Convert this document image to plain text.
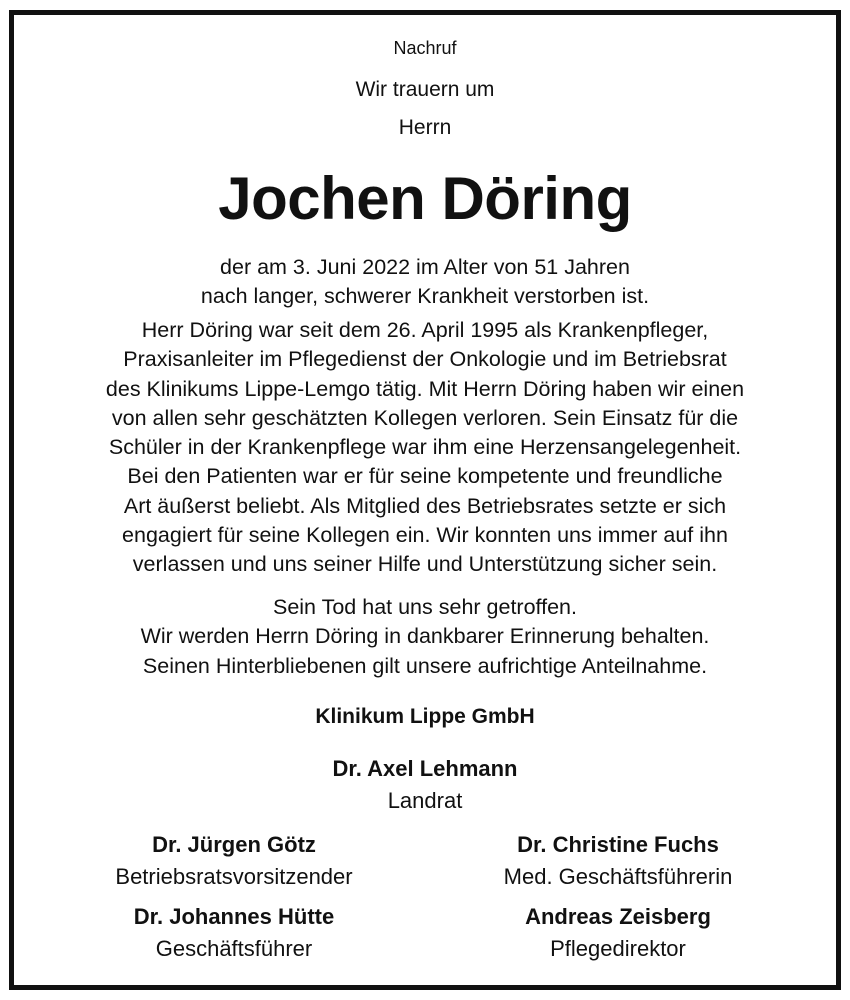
Nachruf
Wir trauern um
Herrn
Jochen Döring
der am 3. Juni 2022 im Alter von 51 Jahren
nach langer, schwerer Krankheit verstorben ist.
Herr Döring war seit dem 26. April 1995 als Krankenpfleger,
Praxisanleiter im Pflegedienst der Onkologie und im Betriebsrat
des Klinikums Lippe-Lemgo tätig. Mit Herrn Döring haben wir einen
von allen sehr geschätzten Kollegen verloren. Sein Einsatz für die
Schüler in der Krankenpflege war ihm eine Herzensangelegenheit.
Bei den Patienten war er für seine kompetente und freundliche
Art äußerst beliebt. Als Mitglied des Betriebsrates setzte er sich
engagiert für seine Kollegen ein. Wir konnten uns immer auf ihn
verlassen und uns seiner Hilfe und Unterstützung sicher sein.
Sein Tod hat uns sehr getroffen.
Wir werden Herrn Döring in dankbarer Erinnerung behalten.
Seinen Hinterbliebenen gilt unsere aufrichtige Anteilnahme.
Klinikum Lippe GmbH
Dr. Axel Lehmann
Landrat
Dr. Jürgen Götz
Betriebsratsvorsitzender
Dr. Christine Fuchs
Med. Geschäftsführerin
Dr. Johannes Hütte
Geschäftsführer
Andreas Zeisberg
Pflegedirektor
